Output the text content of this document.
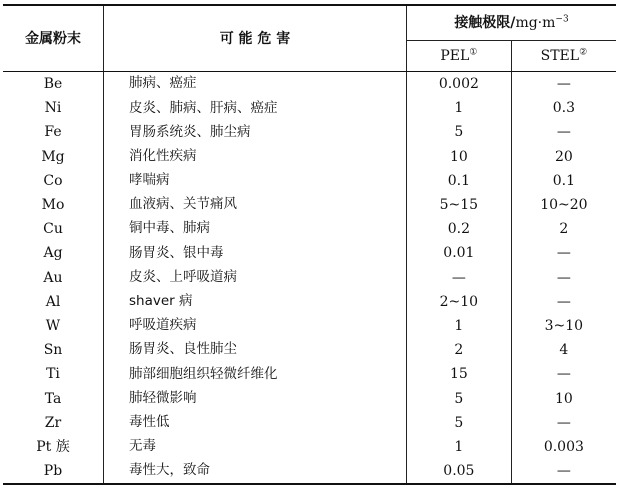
金属粉末	可 能 危 害	接触极限$/mg\cdot m^{-3}$
		PEL①	STEL②
Be	肺病、癌症	0.002	—
Ni	皮炎、肺病、肝病、癌症	1	0.3
Fe	胃肠系统炎、肺尘病	5	—
Mg	消化性疾病	10	20
Co	哮喘病	0.1	0.1
Mo	血液病、关节痛风	5~15	10~20
Cu	铜中毒、肺病	0.2	2
Ag	肠胃炎、银中毒	0.01	—
Au	皮炎、上呼吸道病	—	—
Al	shaver 病	2~10	—
W	呼吸道疾病	1	3~10
Sn	肠胃炎、良性肺尘	2	4
Ti	肺部细胞组织轻微纤维化	15	—
Ta	肺轻微影响	5	10
Zr	毒性低	5	—
Pt 族	无毒	1	0.003
Pb	毒性大，致命	0.05	—
